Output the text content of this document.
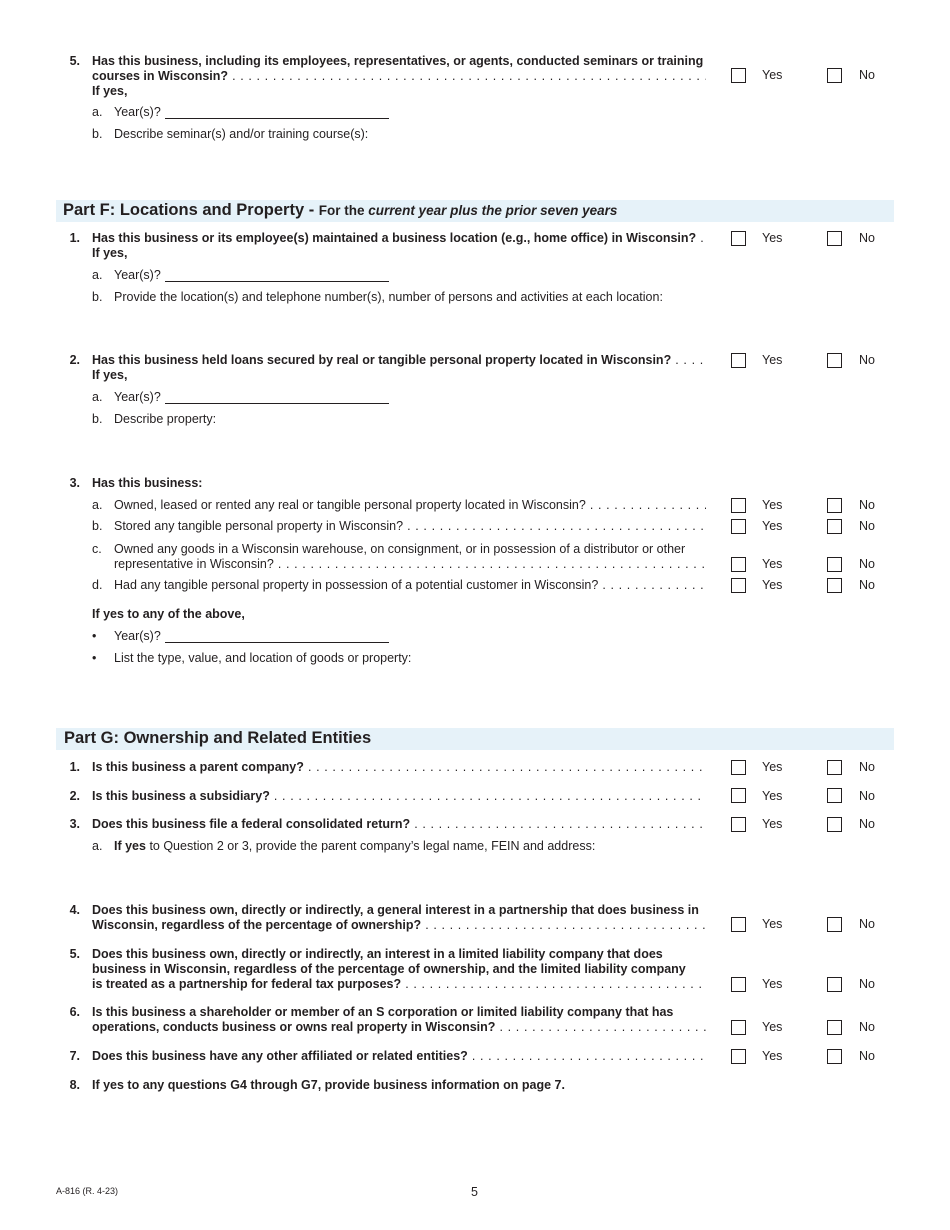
5. Has this business, including its employees, representatives, or agents, conducted seminars or training
courses in Wisconsin? . . .
If yes,
Yes	No
a. Year(s)?
b. Describe seminar(s) and/or training course(s):
Part F: Locations and Property - For the current year plus the prior seven years
1. Has this business or its employee(s) maintained a business location (e.g., home office) in Wisconsin? . . .
If yes,
Yes	No
a. Year(s)?
b. Provide the location(s) and telephone number(s), number of persons and activities at each location:
2. Has this business held loans secured by real or tangible personal property located in Wisconsin? . . .
If yes,
Yes	No
a. Year(s)?
b. Describe property:
3. Has this business:
a. Owned, leased or rented any real or tangible personal property located in Wisconsin? . . .	Yes	No
b. Stored any tangible personal property in Wisconsin? . . .	Yes	No
c. Owned any goods in a Wisconsin warehouse, on consignment, or in possession of a distributor or other
representative in Wisconsin? . . .	Yes	No
d. Had any tangible personal property in possession of a potential customer in Wisconsin? . . .	Yes	No
If yes to any of the above,
• Year(s)?
• List the type, value, and location of goods or property:
Part G: Ownership and Related Entities
1. Is this business a parent company? . . .	Yes	No
2. Is this business a subsidiary? . . .	Yes	No
3. Does this business file a federal consolidated return? . . .	Yes	No
a. If yes to Question 2 or 3, provide the parent company’s legal name, FEIN and address:
4. Does this business own, directly or indirectly, a general interest in a partnership that does business in
Wisconsin, regardless of the percentage of ownership? . . .	Yes	No
5. Does this business own, directly or indirectly, an interest in a limited liability company that does
business in Wisconsin, regardless of the percentage of ownership, and the limited liability company
is treated as a partnership for federal tax purposes? . . .	Yes	No
6. Is this business a shareholder or member of an S corporation or limited liability company that has
operations, conducts business or owns real property in Wisconsin? . . .	Yes	No
7. Does this business have any other affiliated or related entities? . . .	Yes	No
8. If yes to any questions G4 through G7, provide business information on page 7.
A-816 (R. 4-23)	5
